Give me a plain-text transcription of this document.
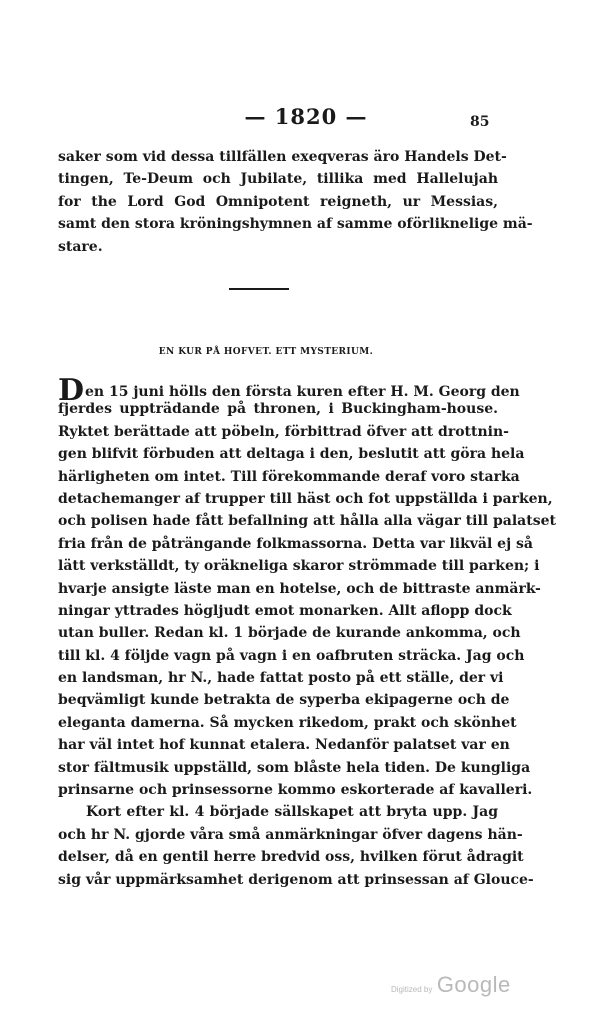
— 1820 —	85
saker som vid dessa tillfällen exeqveras äro Handels Det-
tingen, Te-Deum och Jubilate, tillika med Hallelujah
for the Lord God Omnipotent reigneth, ur Messias,
samt den stora kröningshymnen af samme oförliknelige mä-
stare.
EN KUR PÅ HOFVET. ETT MYSTERIUM.
Den 15 juni hölls den första kuren efter H. M. Georg den
fjerdes uppträdande på thronen, i Buckingham-house.
Ryktet berättade att pöbeln, förbittrad öfver att drottnin-
gen blifvit förbuden att deltaga i den, beslutit att göra hela
härligheten om intet. Till förekommande deraf voro starka
detachemanger af trupper till häst och fot uppställda i parken,
och polisen hade fått befallning att hålla alla vägar till palatset
fria från de påträngande folkmassorna. Detta var likväl ej så
lätt verkställdt, ty oräkneliga skaror strömmade till parken; i
hvarje ansigte läste man en hotelse, och de bittraste anmärk-
ningar yttrades högljudt emot monarken. Allt aflopp dock
utan buller. Redan kl. 1 började de kurande ankomma, och
till kl. 4 följde vagn på vagn i en oafbruten sträcka. Jag och
en landsman, hr N., hade fattat posto på ett ställe, der vi
beqvämligt kunde betrakta de syperba ekipagerne och de
eleganta damerna. Så mycken rikedom, prakt och skönhet
har väl intet hof kunnat etalera. Nedanför palatset var en
stor fältmusik uppställd, som blåste hela tiden. De kungliga
prinsarne och prinsessorne kommo eskorterade af kavalleri.
Kort efter kl. 4 började sällskapet att bryta upp. Jag
och hr N. gjorde våra små anmärkningar öfver dagens hän-
delser, då en gentil herre bredvid oss, hvilken förut ådragit
sig vår uppmärksamhet derigenom att prinsessan af Glouce-
Digitized by Google
